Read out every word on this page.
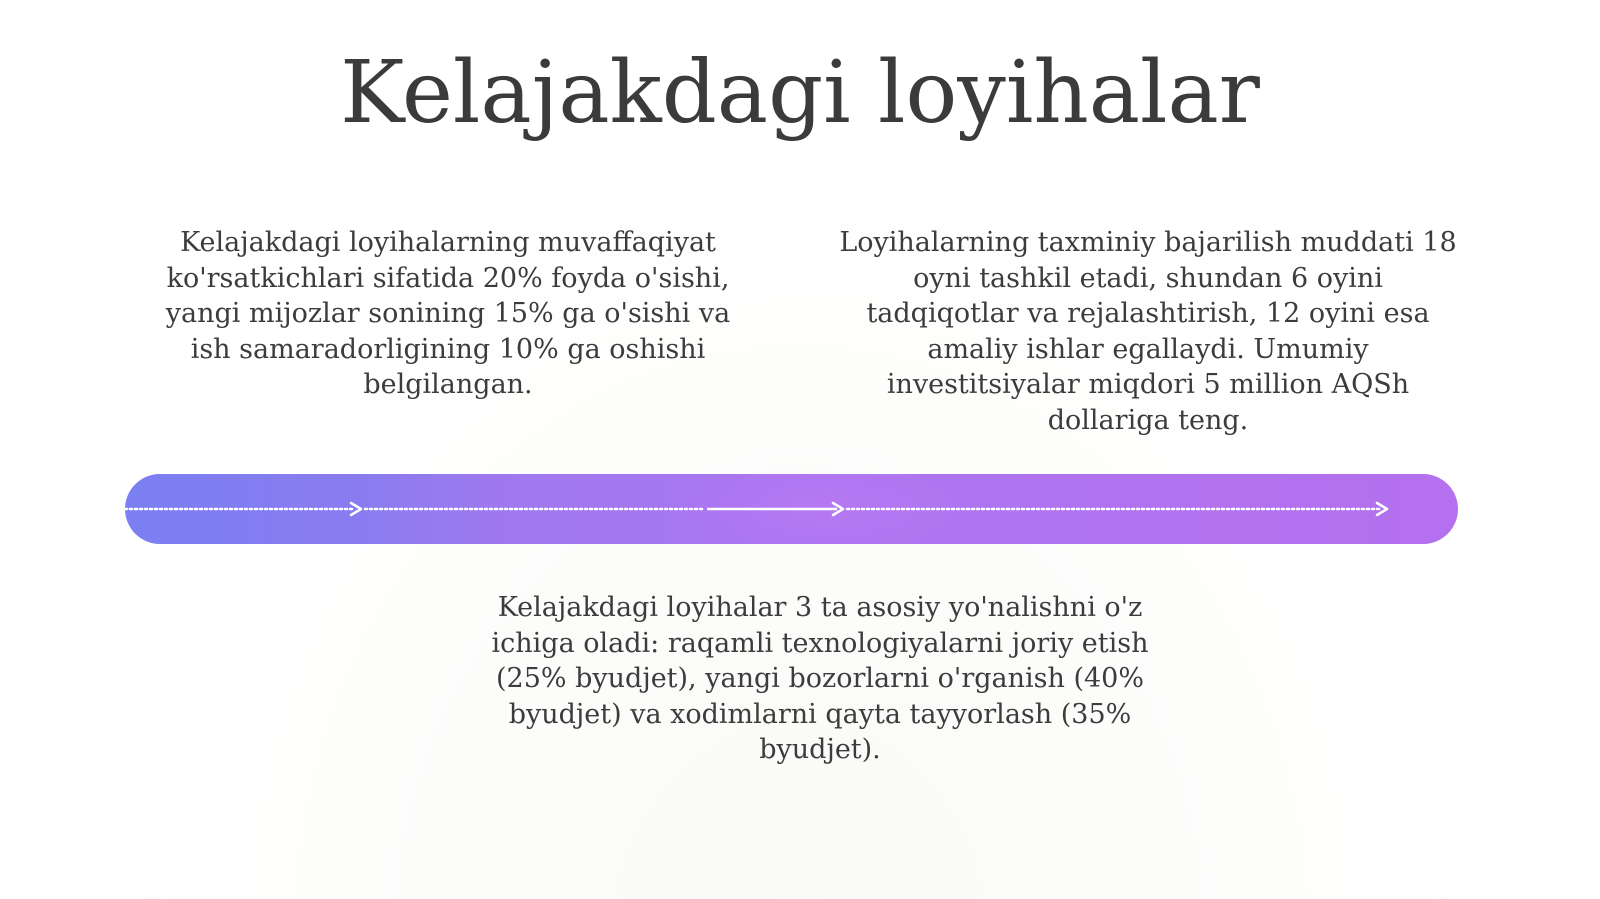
Kelajakdagi loyihalar

Kelajakdagi loyihalarning muvaffaqiyat ko'rsatkichlari sifatida 20% foyda o'sishi, yangi mijozlar sonining 15% ga o'sishi va ish samaradorligining 10% ga oshishi belgilangan.

Loyihalarning taxminiy bajarilish muddati 18 oyni tashkil etadi, shundan 6 oyini tadqiqotlar va rejalashtirish, 12 oyini esa amaliy ishlar egallaydi. Umumiy investitsiyalar miqdori 5 million AQSh dollariga teng.

Kelajakdagi loyihalar 3 ta asosiy yo'nalishni o'z ichiga oladi: raqamli texnologiyalarni joriy etish (25% byudjet), yangi bozorlarni o'rganish (40% byudjet) va xodimlarni qayta tayyorlash (35% byudjet).
